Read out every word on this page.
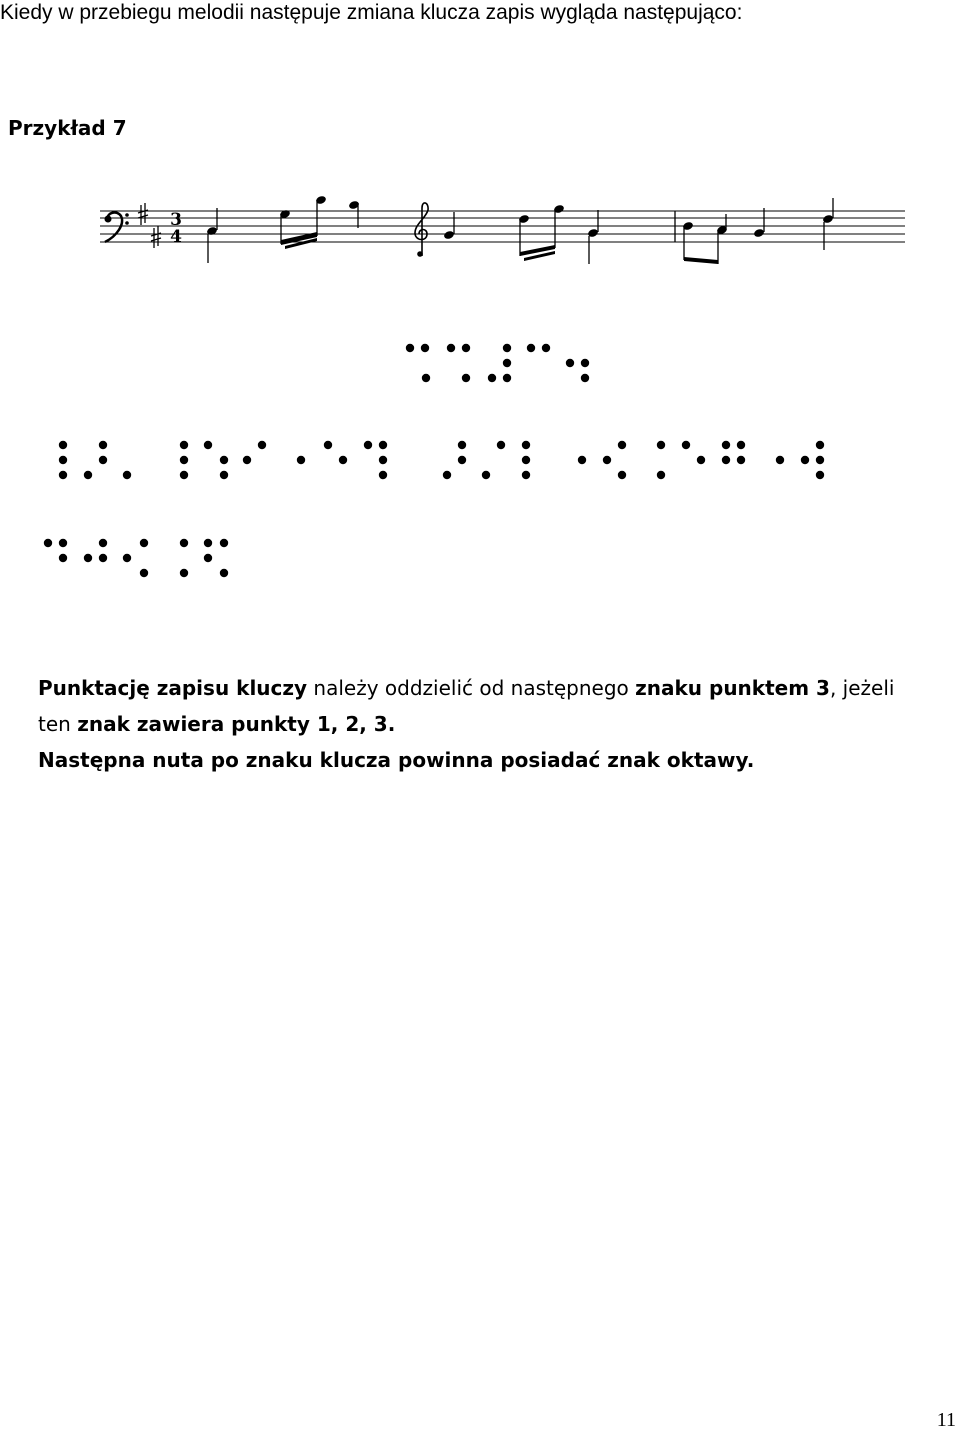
Kiedy w przebiegu melodii następuje zmiana klucza zapis wygląda następująco:
Przykład 7
3
4

Punktację zapisu kluczy należy oddzielić od następnego znaku punktem 3, jeżeli

ten znak zawiera punkty 1, 2, 3.

Następna nuta po znaku klucza powinna posiadać znak oktawy.

11
